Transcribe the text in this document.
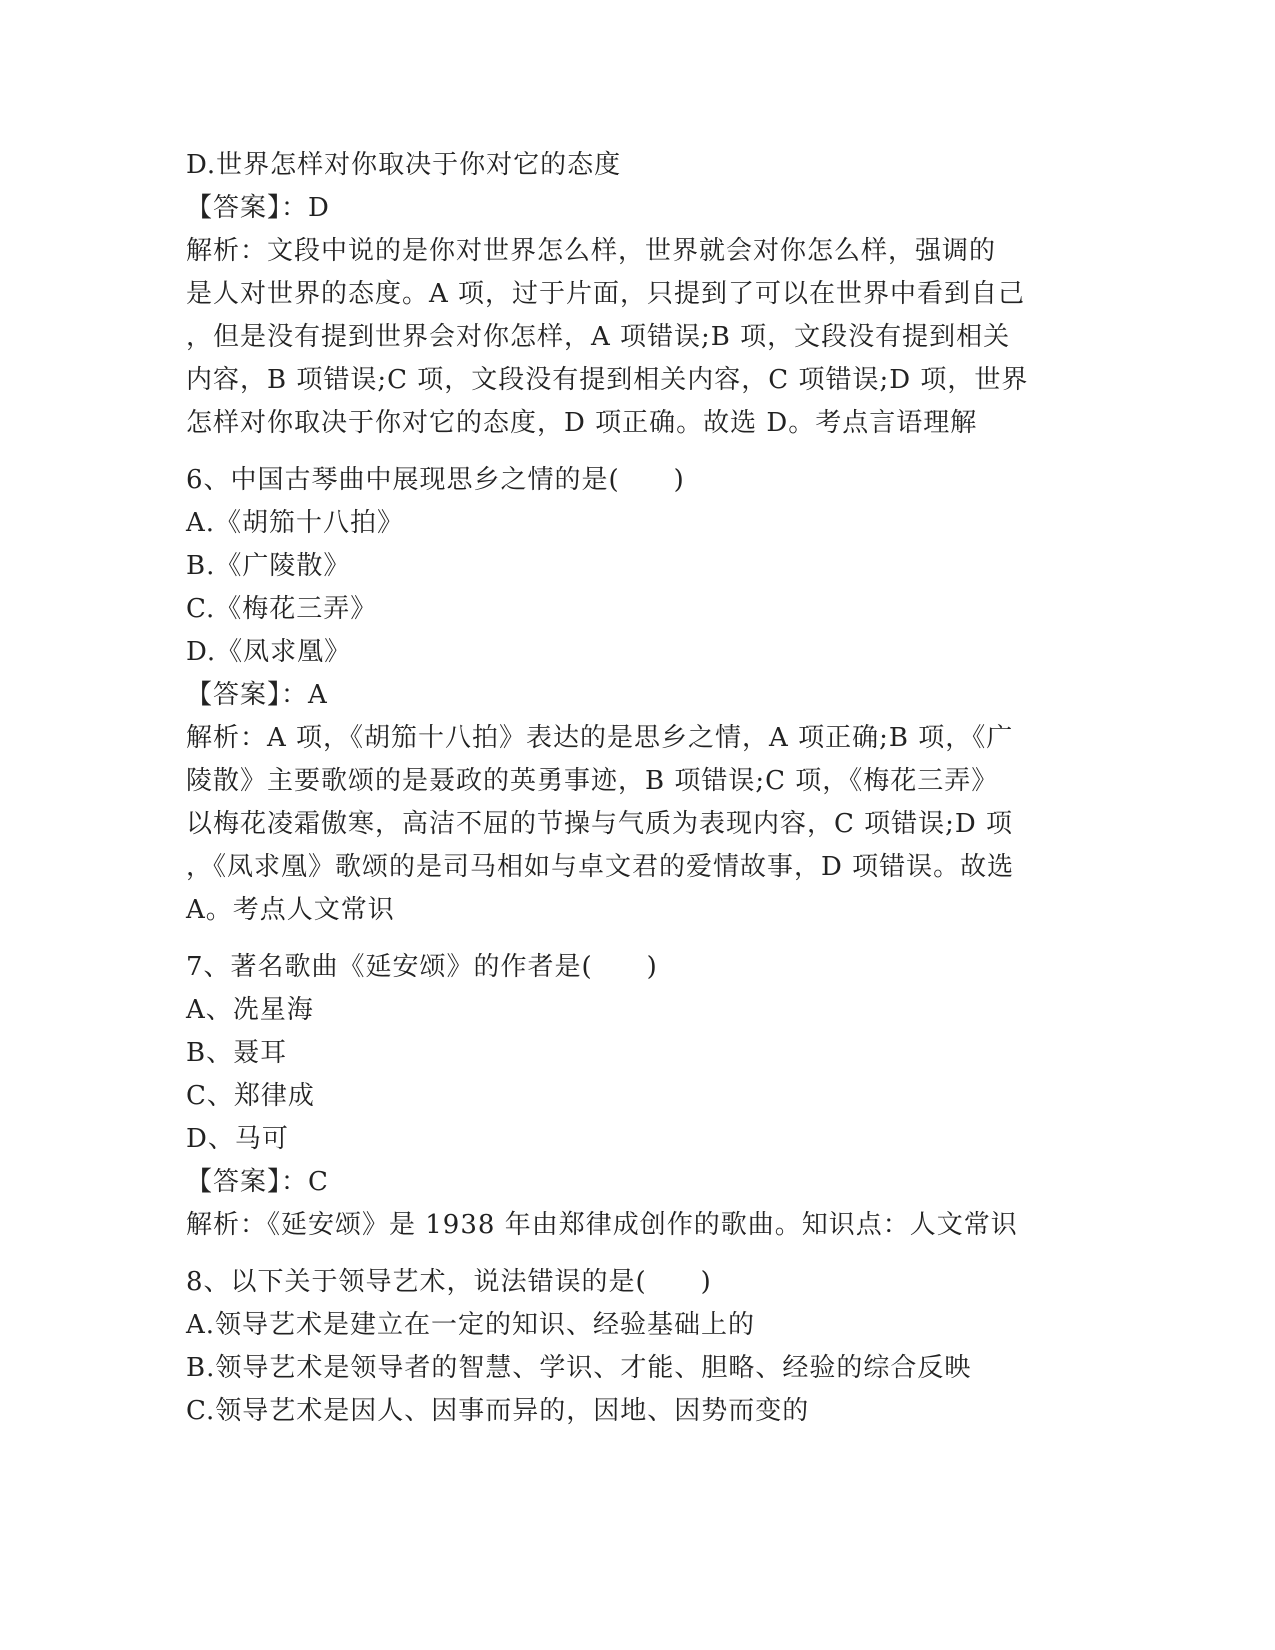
D.世界怎样对你取决于你对它的态度
【答案】：D
解析：文段中说的是你对世界怎么样，世界就会对你怎么样，强调的
是人对世界的态度。A 项，过于片面，只提到了可以在世界中看到自己
，但是没有提到世界会对你怎样，A 项错误;B 项，文段没有提到相关
内容，B 项错误;C 项，文段没有提到相关内容，C 项错误;D 项，世界
怎样对你取决于你对它的态度，D 项正确。故选 D。考点言语理解
6、中国古琴曲中展现思乡之情的是(　　)
A.《胡笳十八拍》
B.《广陵散》
C.《梅花三弄》
D.《凤求凰》
【答案】：A
解析：A 项，《胡笳十八拍》表达的是思乡之情，A 项正确;B 项，《广
陵散》主要歌颂的是聂政的英勇事迹，B 项错误;C 项，《梅花三弄》
以梅花凌霜傲寒，高洁不屈的节操与气质为表现内容，C 项错误;D 项
，《凤求凰》歌颂的是司马相如与卓文君的爱情故事，D 项错误。故选
A。考点人文常识
7、著名歌曲《延安颂》的作者是(　　)
A、冼星海
B、聂耳
C、郑律成
D、马可
【答案】：C
解析：《延安颂》是 1938 年由郑律成创作的歌曲。知识点：人文常识
8、以下关于领导艺术，说法错误的是(　　)
A.领导艺术是建立在一定的知识、经验基础上的
B.领导艺术是领导者的智慧、学识、才能、胆略、经验的综合反映
C.领导艺术是因人、因事而异的，因地、因势而变的
